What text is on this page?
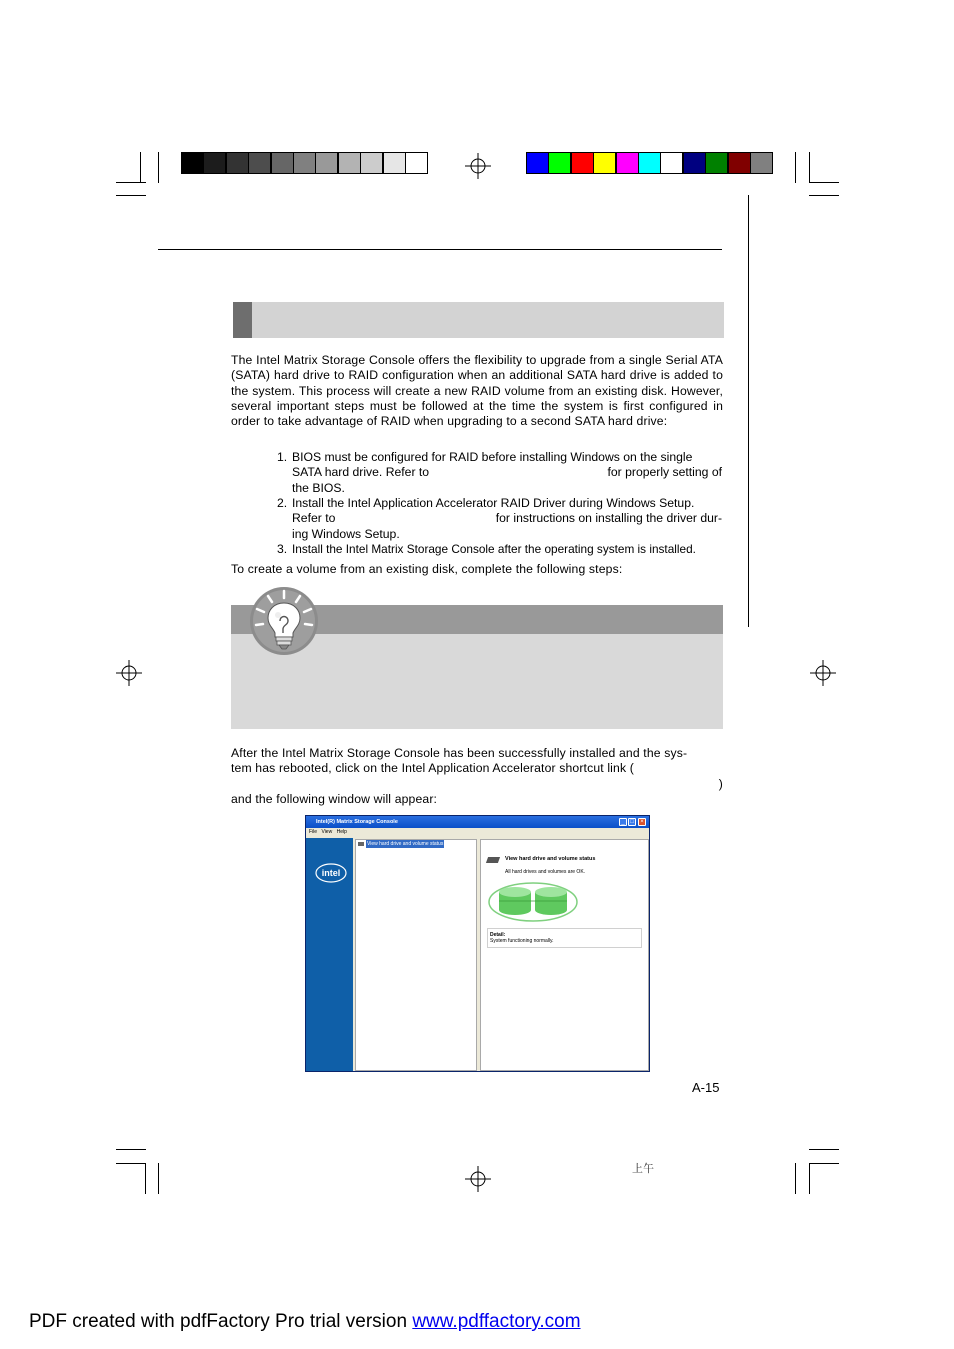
The Intel Matrix Storage Console offers the flexibility to upgrade from a single Serial ATA (SATA) hard drive to RAID configuration when an additional SATA hard drive is added to the system. This process will create a new RAID volume from an existing disk. However, several important steps must be followed at the time the system is first configured in order to take advantage of RAID when upgrading to a second SATA hard drive:
1. BIOS must be configured for RAID before installing Windows on the single
SATA hard drive. Refer to	for properly setting of
the BIOS.
2. Install the Intel Application Accelerator RAID Driver during Windows Setup.
Refer to	for instructions on installing the driver dur-
ing Windows Setup.
3. Install the Intel Matrix Storage Console after the operating system is installed.
To create a volume from an existing disk, complete the following steps:
After the Intel Matrix Storage Console has been successfully installed and the sys-
tem has rebooted, click on the Intel Application Accelerator shortcut link (
)
and the following window will appear:
Intel(R) Matrix Storage Console	_ □	×
File View Help
intel
View hard drive and volume status
View hard drive and volume status
All hard drives and volumes are OK.
Detail:
System functioning normally.
A-15
上午
PDF created with pdfFactory Pro trial version www.pdffactory.com
